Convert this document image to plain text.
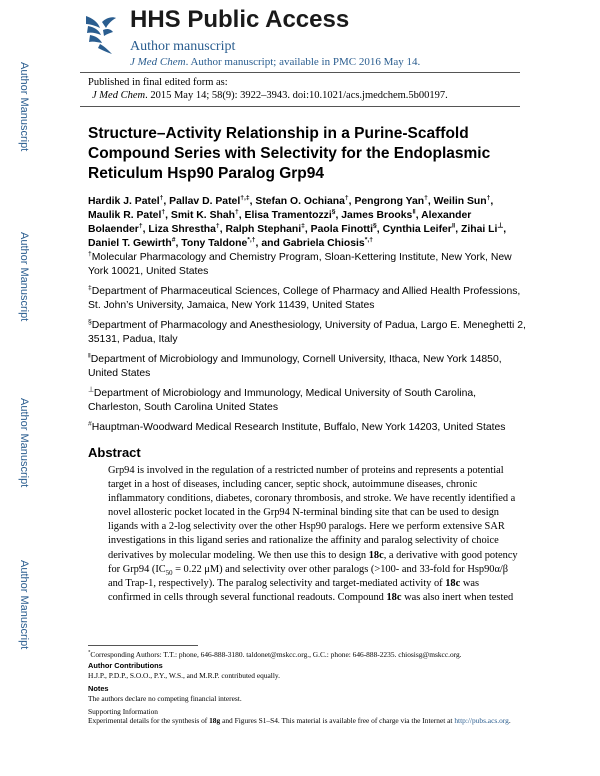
Author Manuscript
Author Manuscript
Author Manuscript
Author Manuscript
HHS Public Access
Author manuscript
J Med Chem. Author manuscript; available in PMC 2016 May 14.
Published in final edited form as:
J Med Chem. 2015 May 14; 58(9): 3922–3943. doi:10.1021/acs.jmedchem.5b00197.
Structure–Activity Relationship in a Purine-Scaffold Compound Series with Selectivity for the Endoplasmic Reticulum Hsp90 Paralog Grp94
Hardik J. Patel†, Pallav D. Patel†,‡, Stefan O. Ochiana†, Pengrong Yan†, Weilin Sun†, Maulik R. Patel†, Smit K. Shah†, Elisa Tramentozzi§, James Brooks‖, Alexander Bolaender†, Liza Shrestha†, Ralph Stephani‡, Paola Finotti§, Cynthia Leifer‖, Zihai Li⊥, Daniel T. Gewirth#, Tony Taldone*,†, and Gabriela Chiosis*,†
†Molecular Pharmacology and Chemistry Program, Sloan-Kettering Institute, New York, New York 10021, United States
‡Department of Pharmaceutical Sciences, College of Pharmacy and Allied Health Professions, St. John’s University, Jamaica, New York 11439, United States
§Department of Pharmacology and Anesthesiology, University of Padua, Largo E. Meneghetti 2, 35131, Padua, Italy
‖Department of Microbiology and Immunology, Cornell University, Ithaca, New York 14850, United States
⊥Department of Microbiology and Immunology, Medical University of South Carolina, Charleston, South Carolina United States
#Hauptman-Woodward Medical Research Institute, Buffalo, New York 14203, United States
Abstract

Grp94 is involved in the regulation of a restricted number of proteins and represents a potential target in a host of diseases, including cancer, septic shock, autoimmune diseases, chronic inflammatory conditions, diabetes, coronary thrombosis, and stroke. We have recently identified a novel allosteric pocket located in the Grp94 N-terminal binding site that can be used to design ligands with a 2-log selectivity over the other Hsp90 paralogs. Here we perform extensive SAR investigations in this ligand series and rationalize the affinity and paralog selectivity of choice derivatives by molecular modeling. We then use this to design 18c, a derivative with good potency for Grp94 ($IC_{50} = 0.22$ μM) and selectivity over other paralogs (>100- and 33-fold for Hsp90α/β and Trap-1, respectively). The paralog selectivity and target-mediated activity of 18c was confirmed in cells through several functional readouts. Compound 18c was also inert when tested

*Corresponding Authors: T.T.: phone, 646-888-3180. taldonet@mskcc.org., G.C.: phone: 646-888-2235. chiosisg@mskcc.org.

Author Contributions

H.J.P., P.D.P., S.O.O., P.Y., W.S., and M.R.P. contributed equally.

Notes

The authors declare no competing financial interest.

Supporting Information

Experimental details for the synthesis of 18g and Figures S1–S4. This material is available free of charge via the Internet at http://pubs.acs.org.
